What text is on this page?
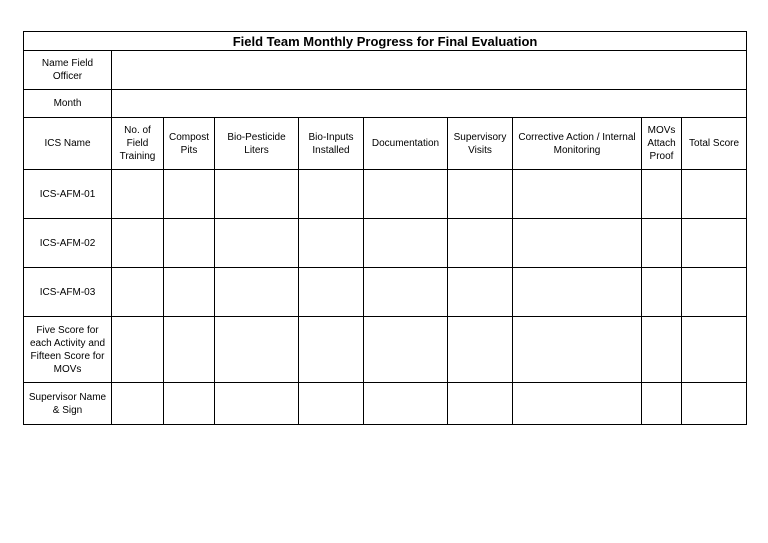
Field Team Monthly Progress for Final Evaluation									
Name Field Officer									
Month									
ICS Name	No. of Field Training	Compost Pits	Bio-Pesticide Liters	Bio-Inputs Installed	Documentation	Supervisory Visits	Corrective Action / Internal Monitoring	MOVs Attach Proof	Total Score
ICS-AFM-01									
ICS-AFM-02									
ICS-AFM-03									
Five Score for each Activity and Fifteen Score for MOVs									
Supervisor Name & Sign									
